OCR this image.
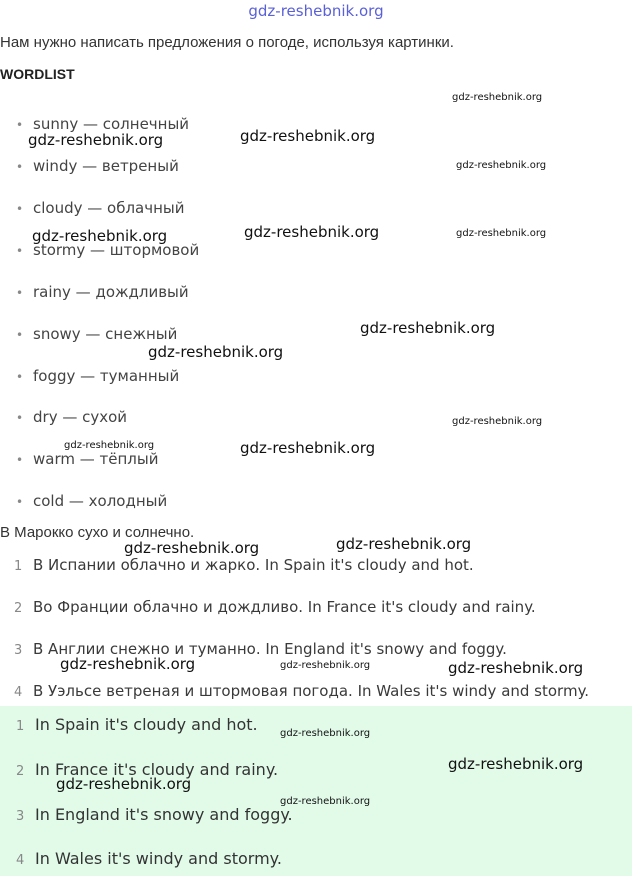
gdz-reshebnik.org
Нам нужно написать предложения о погоде, используя картинки.
WORDLIST
• sunny — солнечный
• windy — ветреный
• cloudy — облачный
• stormy — штормовой
• rainy — дождливый
• snowy — снежный
• foggy — туманный
• dry — сухой
• warm — тёплый
• cold — холодный
В Марокко сухо и солнечно.
1 В Испании облачно и жарко. In Spain it's cloudy and hot.
2 Во Франции облачно и дождливо. In France it's cloudy and rainy.
3 В Англии снежно и туманно. In England it's snowy and foggy.
4 В Уэльсе ветреная и штормовая погода. In Wales it's windy and stormy.
1 In Spain it's cloudy and hot.
2 In France it's cloudy and rainy.
3 In England it's snowy and foggy.
4 In Wales it's windy and stormy.
gdz-reshebnik.org
gdz-reshebnik.org	gdz-reshebnik.org
gdz-reshebnik.org
gdz-reshebnik.org	gdz-reshebnik.org	gdz-reshebnik.org
gdz-reshebnik.org
gdz-reshebnik.org
gdz-reshebnik.org
gdz-reshebnik.org	gdz-reshebnik.org
gdz-reshebnik.org	gdz-reshebnik.org
gdz-reshebnik.org	gdz-reshebnik.org	gdz-reshebnik.org
gdz-reshebnik.org
gdz-reshebnik.org
gdz-reshebnik.org
gdz-reshebnik.org
